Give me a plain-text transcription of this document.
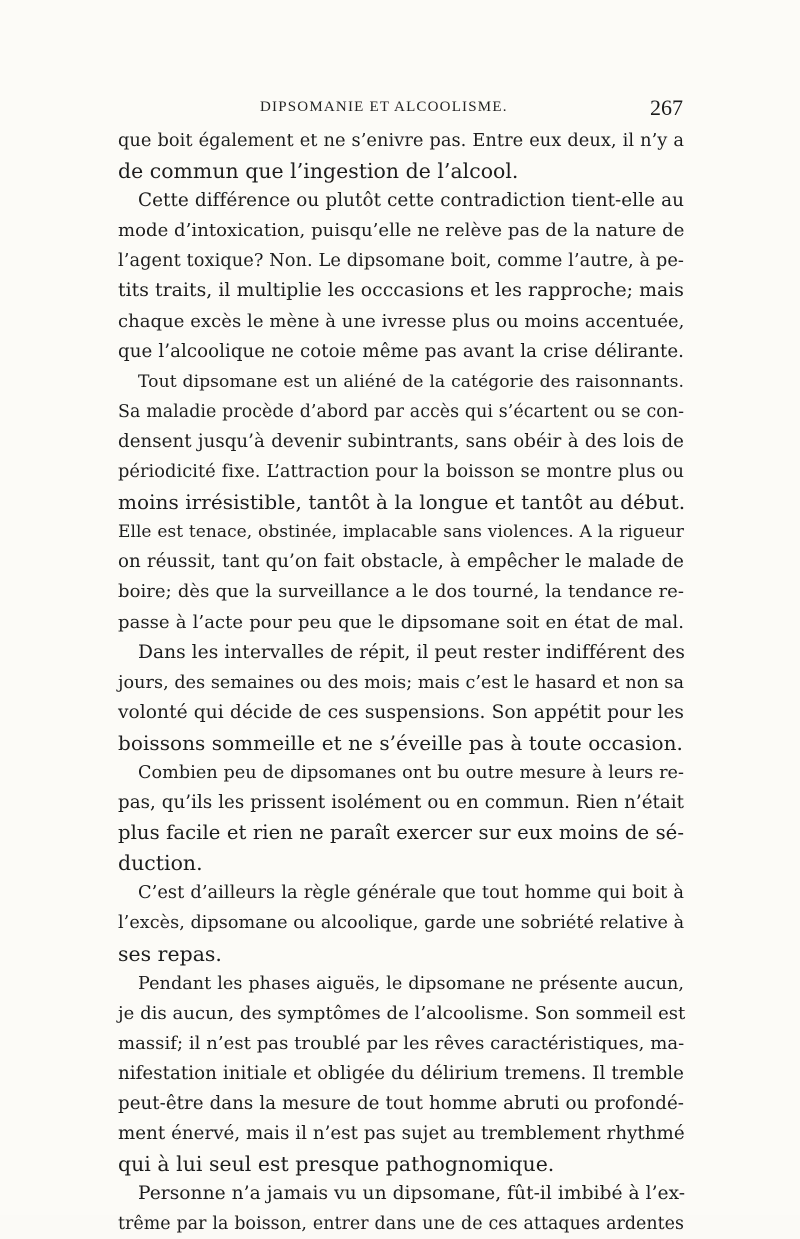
DIPSOMANIE ET ALCOOLISME.	267
que boit également et ne s’enivre pas. Entre eux deux, il n’y a
de commun que l’ingestion de l’alcool.
Cette différence ou plutôt cette contradiction tient-elle au
mode d’intoxication, puisqu’elle ne relève pas de la nature de
l’agent toxique? Non. Le dipsomane boit, comme l’autre, à pe-
tits traits, il multiplie les occcasions et les rapproche; mais
chaque excès le mène à une ivresse plus ou moins accentuée,
que l’alcoolique ne cotoie même pas avant la crise délirante.
Tout dipsomane est un aliéné de la catégorie des raisonnants.
Sa maladie procède d’abord par accès qui s’écartent ou se con-
densent jusqu’à devenir subintrants, sans obéir à des lois de
périodicité fixe. L’attraction pour la boisson se montre plus ou
moins irrésistible, tantôt à la longue et tantôt au début.
Elle est tenace, obstinée, implacable sans violences. A la rigueur
on réussit, tant qu’on fait obstacle, à empêcher le malade de
boire; dès que la surveillance a le dos tourné, la tendance re-
passe à l’acte pour peu que le dipsomane soit en état de mal.
Dans les intervalles de répit, il peut rester indifférent des
jours, des semaines ou des mois; mais c’est le hasard et non sa
volonté qui décide de ces suspensions. Son appétit pour les
boissons sommeille et ne s’éveille pas à toute occasion.
Combien peu de dipsomanes ont bu outre mesure à leurs re-
pas, qu’ils les prissent isolément ou en commun. Rien n’était
plus facile et rien ne paraît exercer sur eux moins de sé-
duction.
C’est d’ailleurs la règle générale que tout homme qui boit à
l’excès, dipsomane ou alcoolique, garde une sobriété relative à
ses repas.
Pendant les phases aiguës, le dipsomane ne présente aucun,
je dis aucun, des symptômes de l’alcoolisme. Son sommeil est
massif; il n’est pas troublé par les rêves caractéristiques, ma-
nifestation initiale et obligée du délirium tremens. Il tremble
peut-être dans la mesure de tout homme abruti ou profondé-
ment énervé, mais il n’est pas sujet au tremblement rhythmé
qui à lui seul est presque pathognomique.
Personne n’a jamais vu un dipsomane, fût-il imbibé à l’ex-
trême par la boisson, entrer dans une de ces attaques ardentes
